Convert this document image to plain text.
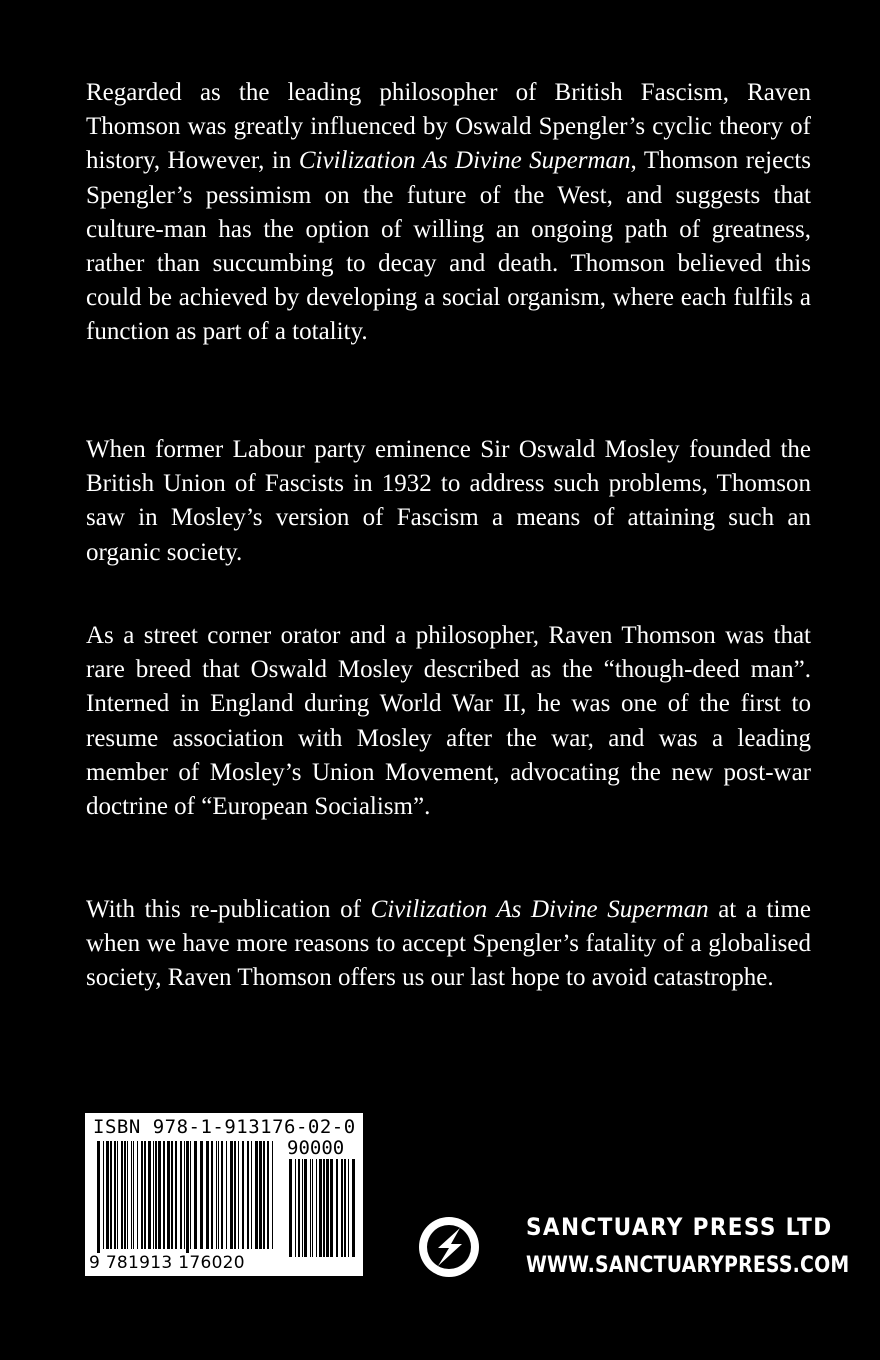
Regarded as the leading philosopher of British Fascism, Raven Thomson was greatly influenced by Oswald Spengler’s cyclic theory of history, However, in Civilization As Divine Superman, Thomson rejects Spengler’s pessimism on the future of the West, and suggests that culture-man has the option of willing an ongoing path of greatness, rather than succumbing to decay and death. Thomson believed this could be achieved by developing a social organism, where each fulfils a function as part of a totality.

When former Labour party eminence Sir Oswald Mosley founded the British Union of Fascists in 1932 to address such problems, Thomson saw in Mosley’s version of Fascism a means of attaining such an organic society.

As a street corner orator and a philosopher, Raven Thomson was that rare breed that Oswald Mosley described as the “though-deed man”. Interned in England during World War II, he was one of the first to resume association with Mosley after the war, and was a leading member of Mosley’s Union Movement, advocating the new post-war doctrine of “European Socialism”.

With this re-publication of Civilization As Divine Superman at a time when we have more reasons to accept Spengler’s fatality of a globalised society, Raven Thomson offers us our last hope to avoid catastrophe.

ISBN 978-1-913176-02-0
90000
9 781913 176020
SANCTUARY PRESS LTD
WWW.SANCTUARYPRESS.COM
